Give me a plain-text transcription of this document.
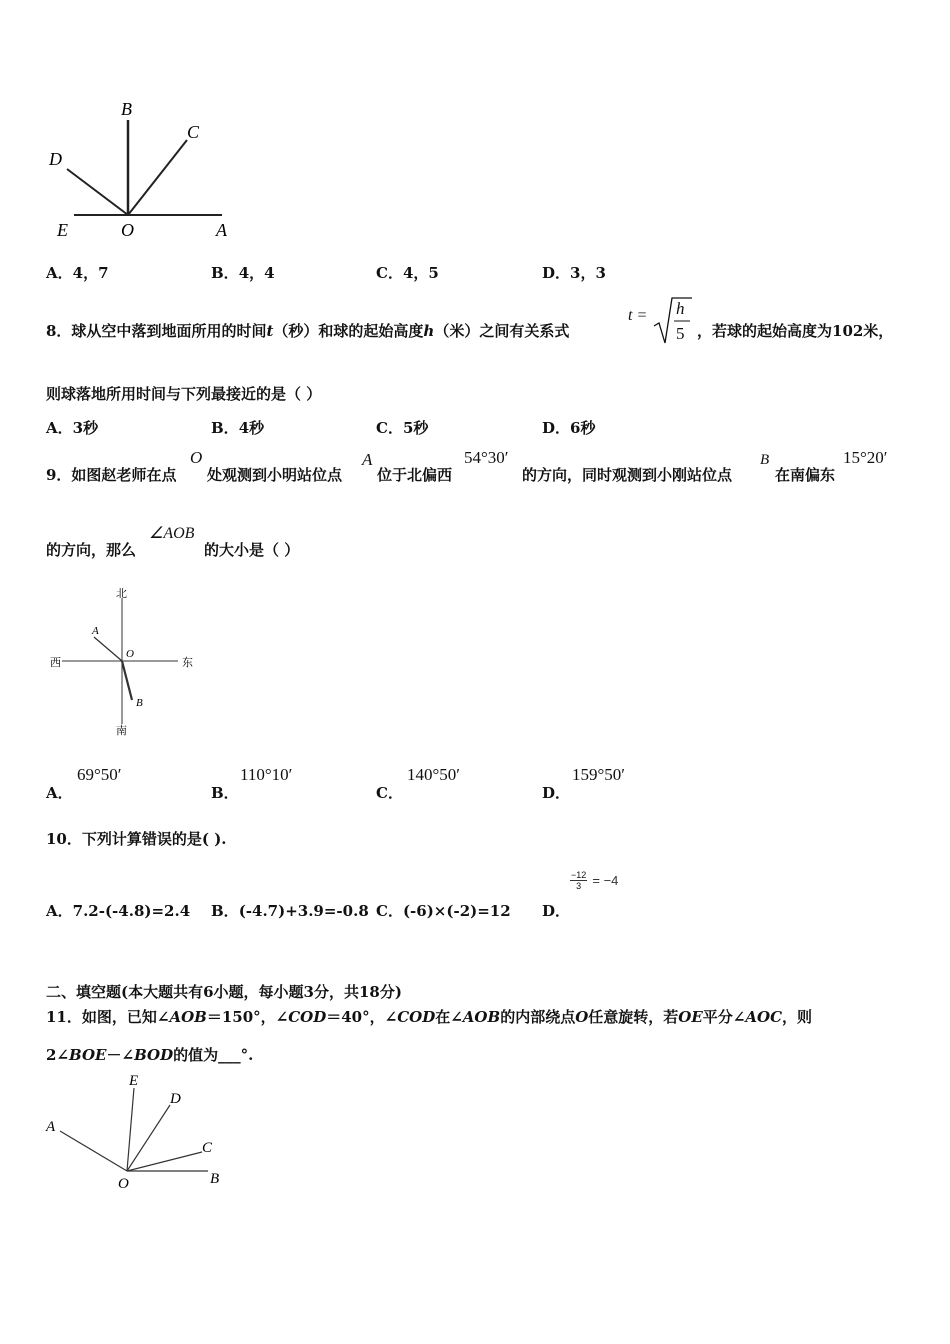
B
C
D
E	O	A
A．4，7	B．4，4	C．4，5	D．3，3
8．球从空中落到地面所用的时间t（秒）和球的起始高度h（米）之间有关系式
t = h
5 ，若球的起始高度为102米，
则球落地所用时间与下列最接近的是（ ）
A．3秒	B．4秒	C．5秒	D．6秒
9．如图赵老师在点
O
处观测到小明站位点
A
位于北偏西
54°30′
的方向，同时观测到小刚站位点
B
在南偏东
15°20′
的方向，那么
∠AOB
的大小是（ ）
北
南
西	东
A
O
B
A．
69°50′
B．
110°10′
C．
140°50′
D．
159°50′
10．下列计算错误的是( ).
A．7.2-(-4.8)=2.4 B．(-4.7)+3.9=-0.8 C．(-6)×(-2)=12 D．
$\frac{-12}{3} = -4$
二、填空题(本大题共有6小题，每小题3分，共18分)
11．如图，已知∠AOB＝150°，∠COD＝40°，∠COD在∠AOB的内部绕点O任意旋转，若OE平分∠AOC，则
2∠BOE－∠BOD的值为___°.
E
D
A
C
O	B
